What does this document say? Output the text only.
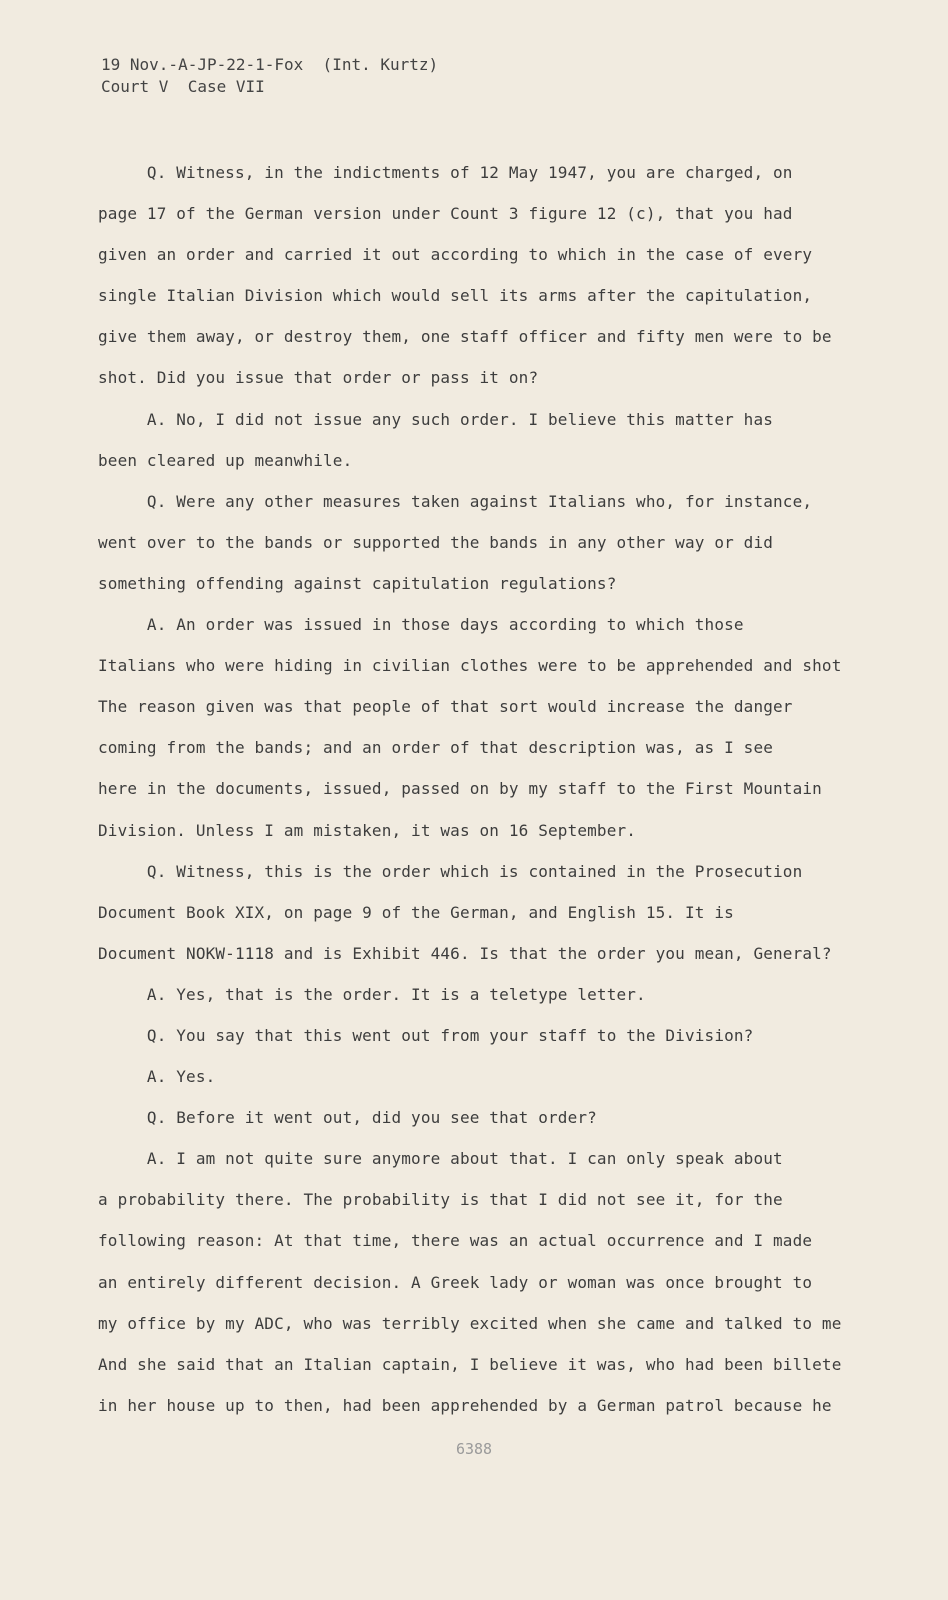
19 Nov.-A-JP-22-1-Fox  (Int. Kurtz)
Court V  Case VII
Q. Witness, in the indictments of 12 May 1947, you are charged, on
page 17 of the German version under Count 3 figure 12 (c), that you had
given an order and carried it out according to which in the case of every
single Italian Division which would sell its arms after the capitulation,
give them away, or destroy them, one staff officer and fifty men were to be
shot. Did you issue that order or pass it on?
A. No, I did not issue any such order. I believe this matter has
been cleared up meanwhile.
Q. Were any other measures taken against Italians who, for instance,
went over to the bands or supported the bands in any other way or did
something offending against capitulation regulations?
A. An order was issued in those days according to which those
Italians who were hiding in civilian clothes were to be apprehended and shot
The reason given was that people of that sort would increase the danger
coming from the bands; and an order of that description was, as I see
here in the documents, issued, passed on by my staff to the First Mountain
Division. Unless I am mistaken, it was on 16 September.
Q. Witness, this is the order which is contained in the Prosecution
Document Book XIX, on page 9 of the German, and English 15. It is
Document NOKW-1118 and is Exhibit 446. Is that the order you mean, General?
A. Yes, that is the order. It is a teletype letter.
Q. You say that this went out from your staff to the Division?
A. Yes.
Q. Before it went out, did you see that order?
A. I am not quite sure anymore about that. I can only speak about
a probability there. The probability is that I did not see it, for the
following reason: At that time, there was an actual occurrence and I made
an entirely different decision. A Greek lady or woman was once brought to
my office by my ADC, who was terribly excited when she came and talked to me
And she said that an Italian captain, I believe it was, who had been billete
in her house up to then, had been apprehended by a German patrol because he
6388
